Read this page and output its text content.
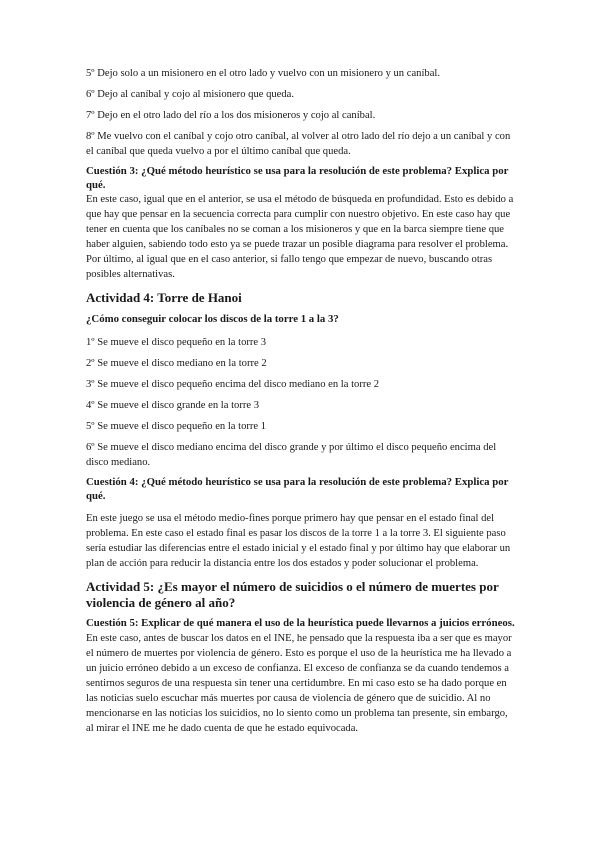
5º Dejo solo a un misionero en el otro lado y vuelvo con un misionero y un caníbal.

6º Dejo al caníbal y cojo al misionero que queda.

7º Dejo en el otro lado del río a los dos misioneros y cojo al caníbal.

8º Me vuelvo con el caníbal y cojo otro caníbal, al volver al otro lado del río dejo a un caníbal y con el caníbal que queda vuelvo a por el último caníbal que queda.

Cuestión 3: ¿Qué método heurístico se usa para la resolución de este problema? Explica por qué.

En este caso, igual que en el anterior, se usa el método de búsqueda en profundidad. Esto es debido a que hay que pensar en la secuencia correcta para cumplir con nuestro objetivo. En este caso hay que tener en cuenta que los caníbales no se coman a los misioneros y que en la barca siempre tiene que haber alguien, sabiendo todo esto ya se puede trazar un posible diagrama para resolver el problema. Por último, al igual que en el caso anterior, si fallo tengo que empezar de nuevo, buscando otras posibles alternativas.

Actividad 4: Torre de Hanoi

¿Cómo conseguir colocar los discos de la torre 1 a la 3?

1º Se mueve el disco pequeño en la torre 3

2º Se mueve el disco mediano en la torre 2

3º Se mueve el disco pequeño encima del disco mediano en la torre 2

4º Se mueve el disco grande en la torre 3

5º Se mueve el disco pequeño en la torre 1

6º Se mueve el disco mediano encima del disco grande y por último el disco pequeño encima del disco mediano.

Cuestión 4: ¿Qué método heurístico se usa para la resolución de este problema? Explica por qué.

En este juego se usa el método medio-fines porque primero hay que pensar en el estado final del problema. En este caso el estado final es pasar los discos de la torre 1 a la torre 3. El siguiente paso sería estudiar las diferencias entre el estado inicial y el estado final y por último hay que elaborar un plan de acción para reducir la distancia entre los dos estados y poder solucionar el problema.

Actividad 5: ¿Es mayor el número de suicidios o el número de muertes por violencia de género al año?

Cuestión 5: Explicar de qué manera el uso de la heurística puede llevarnos a juicios erróneos.

En este caso, antes de buscar los datos en el INE, he pensado que la respuesta iba a ser que es mayor el número de muertes por violencia de género. Esto es porque el uso de la heurística me ha llevado a un juicio erróneo debido a un exceso de confianza. El exceso de confianza se da cuando tendemos a sentirnos seguros de una respuesta sin tener una certidumbre. En mi caso esto se ha dado porque en las noticias suelo escuchar más muertes por causa de violencia de género que de suicidio. Al no mencionarse en las noticias los suicidios, no lo siento como un problema tan presente, sin embargo, al mirar el INE me he dado cuenta de que he estado equivocada.
